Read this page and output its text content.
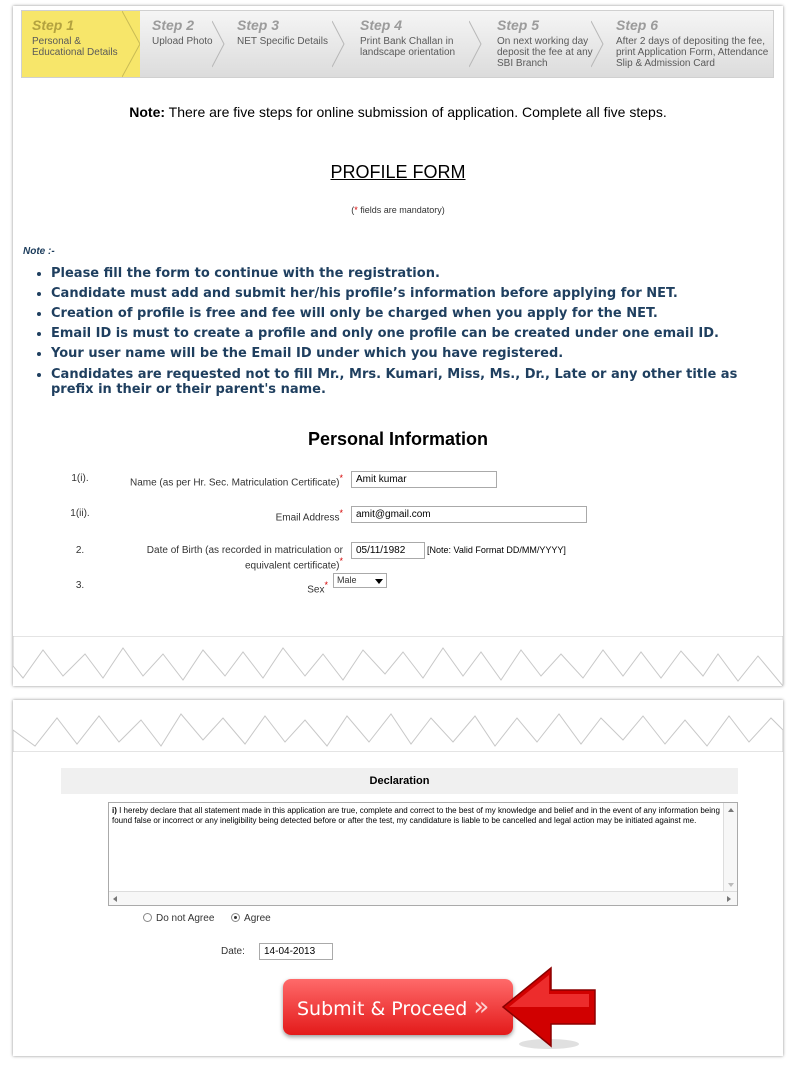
Step 1
Personal & Educational Details
Step 2
Upload Photo
Step 3
NET Specific Details
Step 4
Print Bank Challan in landscape orientation
Step 5
On next working day deposit the fee at any SBI Branch
Step 6
After 2 days of depositing the fee, print Application Form, Attendance Slip & Admission Card
Note: There are five steps for online submission of application. Complete all five steps.
PROFILE FORM
(* fields are mandatory)
Note :-
• Please fill the form to continue with the registration.
• Candidate must add and submit her/his profile’s information before applying for NET.
• Creation of profile is free and fee will only be charged when you apply for the NET.
• Email ID is must to create a profile and only one profile can be created under one email ID.
• Your user name will be the Email ID under which you have registered.
• Candidates are requested not to fill Mr., Mrs. Kumari, Miss, Ms., Dr., Late or any other title as prefix in their or their parent's name.
Personal Information
1(i).	Name (as per Hr. Sec. Matriculation Certificate)*	Amit kumar
1(ii).	Email Address*	amit@gmail.com
2.	Date of Birth (as recorded in matriculation or equivalent certificate)*
05/11/1982	[Note: Valid Format DD/MM/YYYY]
3.	Sex*	Male
Declaration
i) I hereby declare that all statement made in this application are true, complete and correct to the best of my knowledge and belief and in the event of any information being found false or incorrect or any ineligibility being detected before or after the test, my candidature is liable to be cancelled and legal action may be initiated against me.
Do not Agree	Agree
Date:	14-04-2013
Submit & Proceed »
